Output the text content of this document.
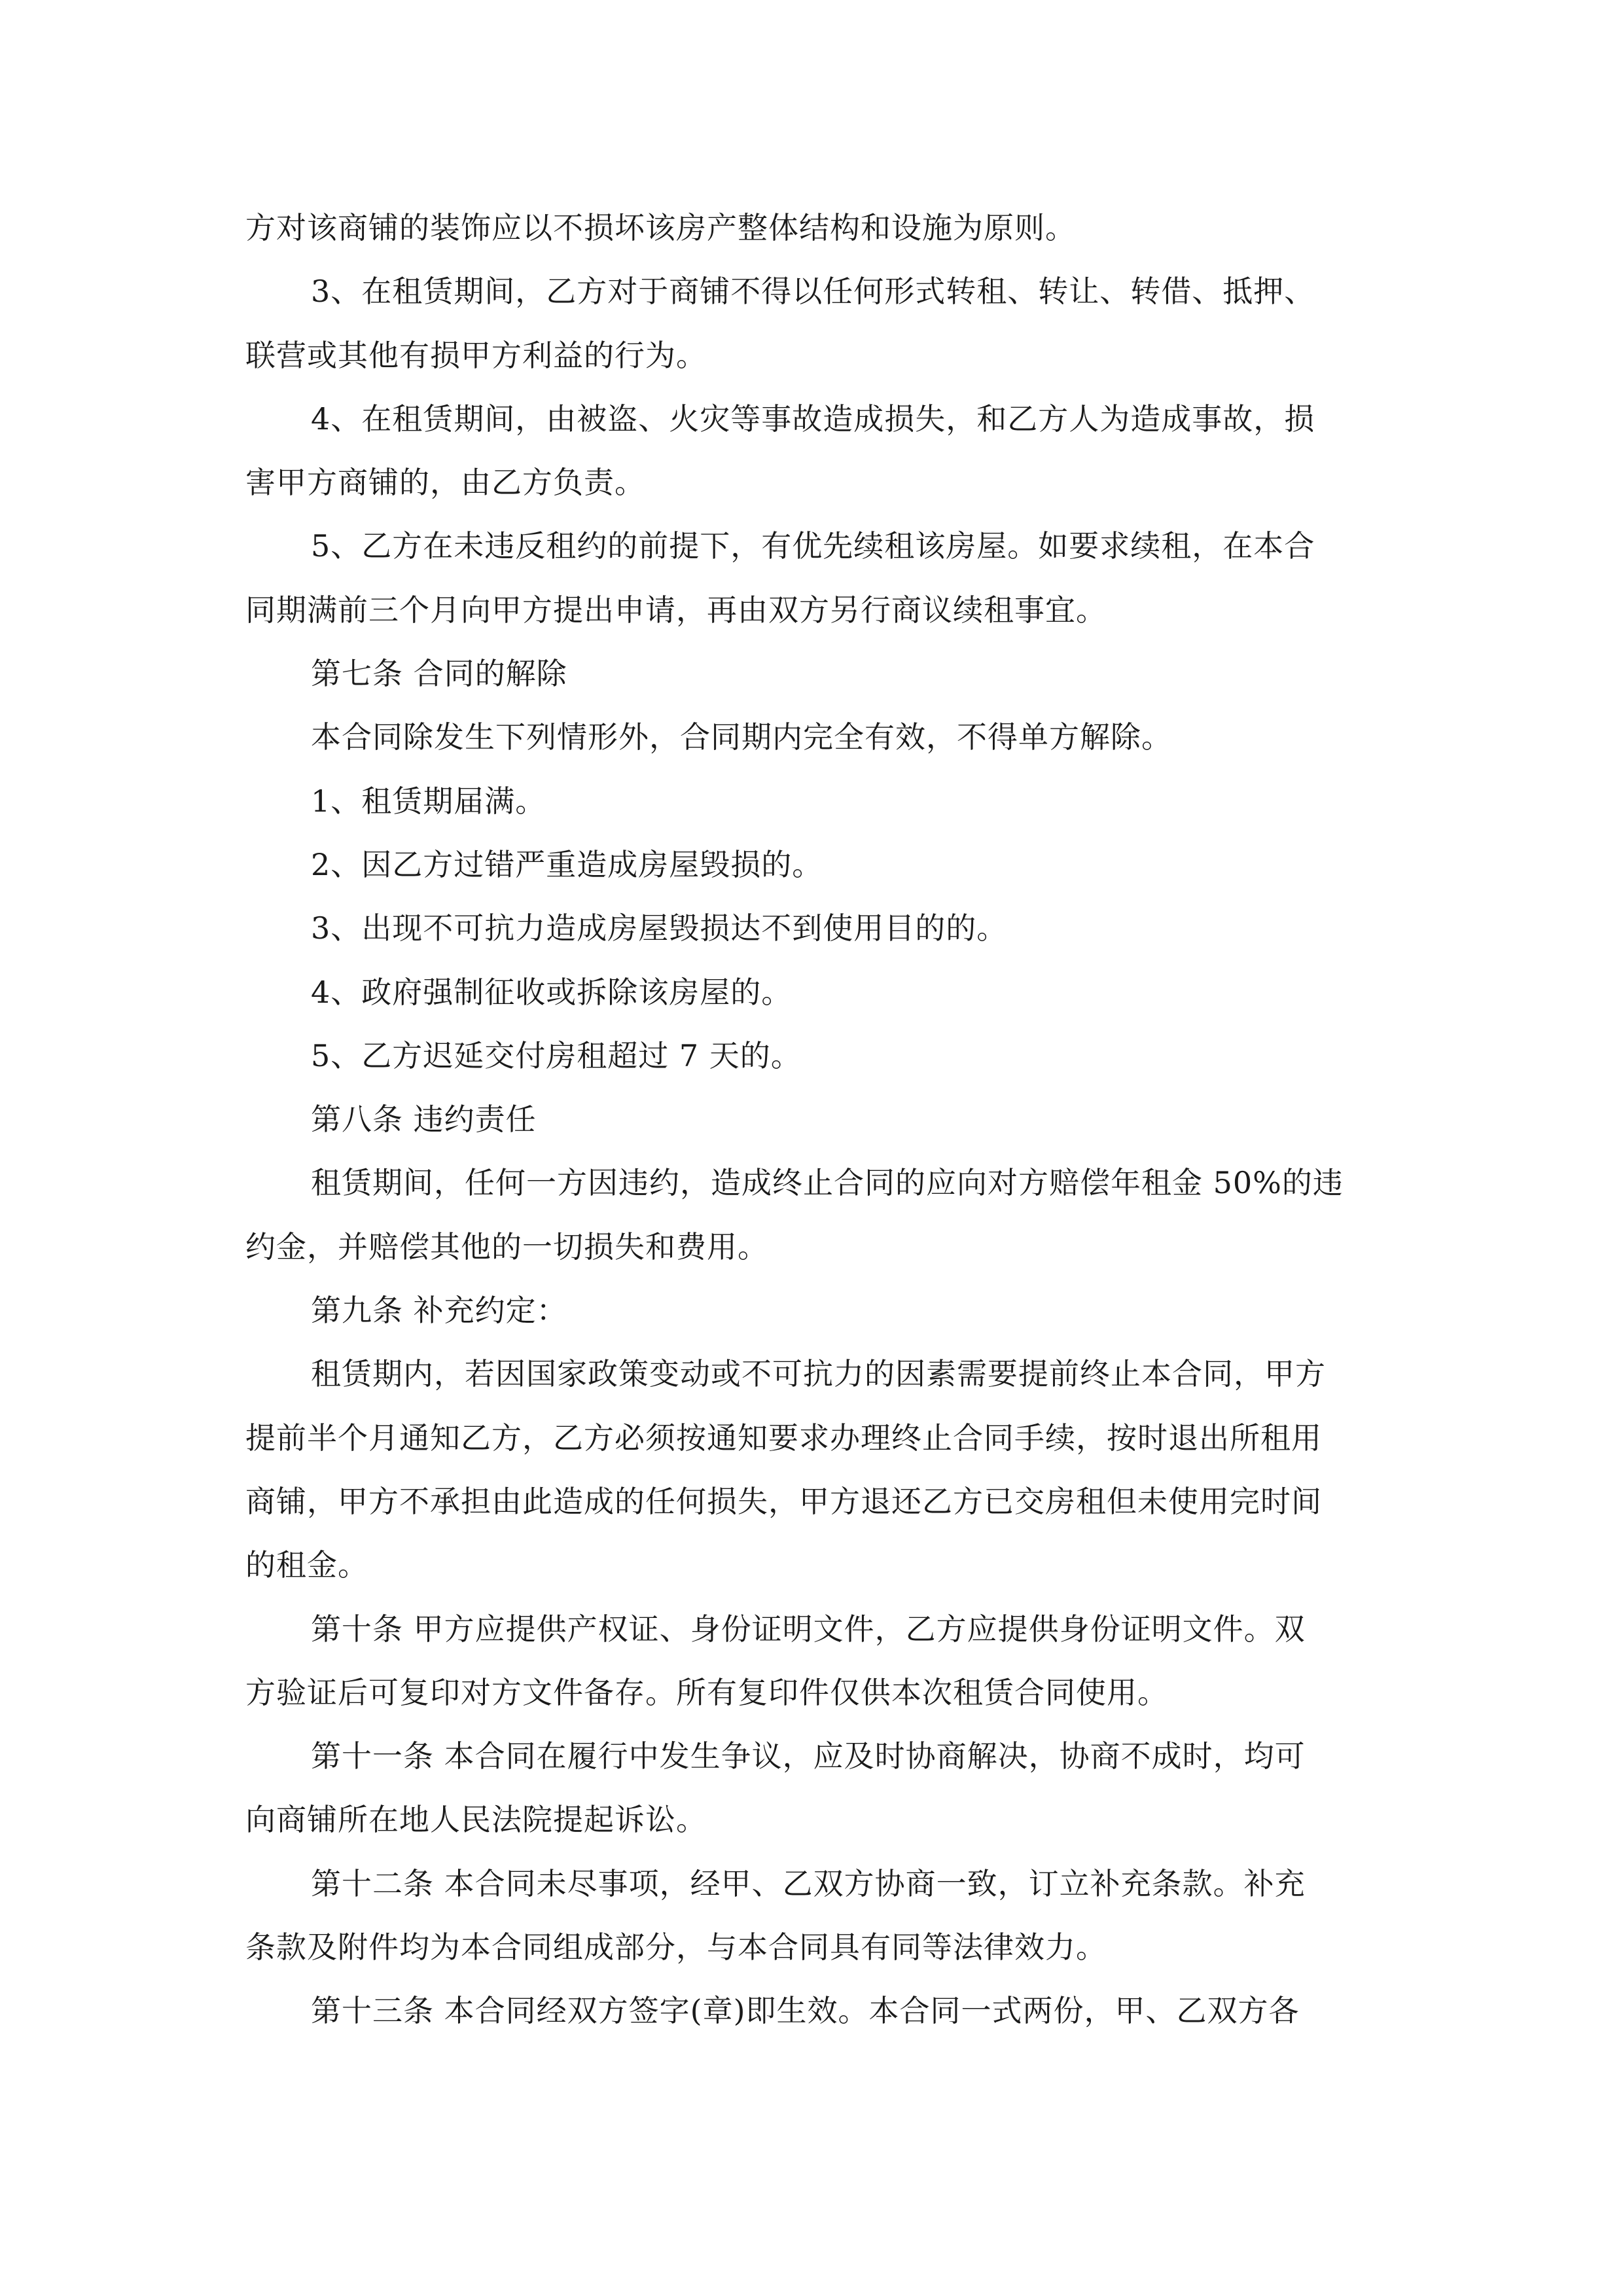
方对该商铺的装饰应以不损坏该房产整体结构和设施为原则。
3、在租赁期间，乙方对于商铺不得以任何形式转租、转让、转借、抵押、
联营或其他有损甲方利益的行为。
4、在租赁期间，由被盗、火灾等事故造成损失，和乙方人为造成事故，损
害甲方商铺的，由乙方负责。
5、乙方在未违反租约的前提下，有优先续租该房屋。如要求续租，在本合
同期满前三个月向甲方提出申请，再由双方另行商议续租事宜。
第七条 合同的解除
本合同除发生下列情形外，合同期内完全有效，不得单方解除。
1、租赁期届满。
2、因乙方过错严重造成房屋毁损的。
3、出现不可抗力造成房屋毁损达不到使用目的的。
4、政府强制征收或拆除该房屋的。
5、乙方迟延交付房租超过 7 天的。
第八条 违约责任
租赁期间，任何一方因违约，造成终止合同的应向对方赔偿年租金 50%的违
约金，并赔偿其他的一切损失和费用。
第九条 补充约定：
租赁期内，若因国家政策变动或不可抗力的因素需要提前终止本合同，甲方
提前半个月通知乙方，乙方必须按通知要求办理终止合同手续，按时退出所租用
商铺，甲方不承担由此造成的任何损失，甲方退还乙方已交房租但未使用完时间
的租金。
第十条 甲方应提供产权证、身份证明文件，乙方应提供身份证明文件。双
方验证后可复印对方文件备存。所有复印件仅供本次租赁合同使用。
第十一条 本合同在履行中发生争议，应及时协商解决，协商不成时，均可
向商铺所在地人民法院提起诉讼。
第十二条 本合同未尽事项，经甲、乙双方协商一致，订立补充条款。补充
条款及附件均为本合同组成部分，与本合同具有同等法律效力。
第十三条 本合同经双方签字(章)即生效。本合同一式两份，甲、乙双方各
